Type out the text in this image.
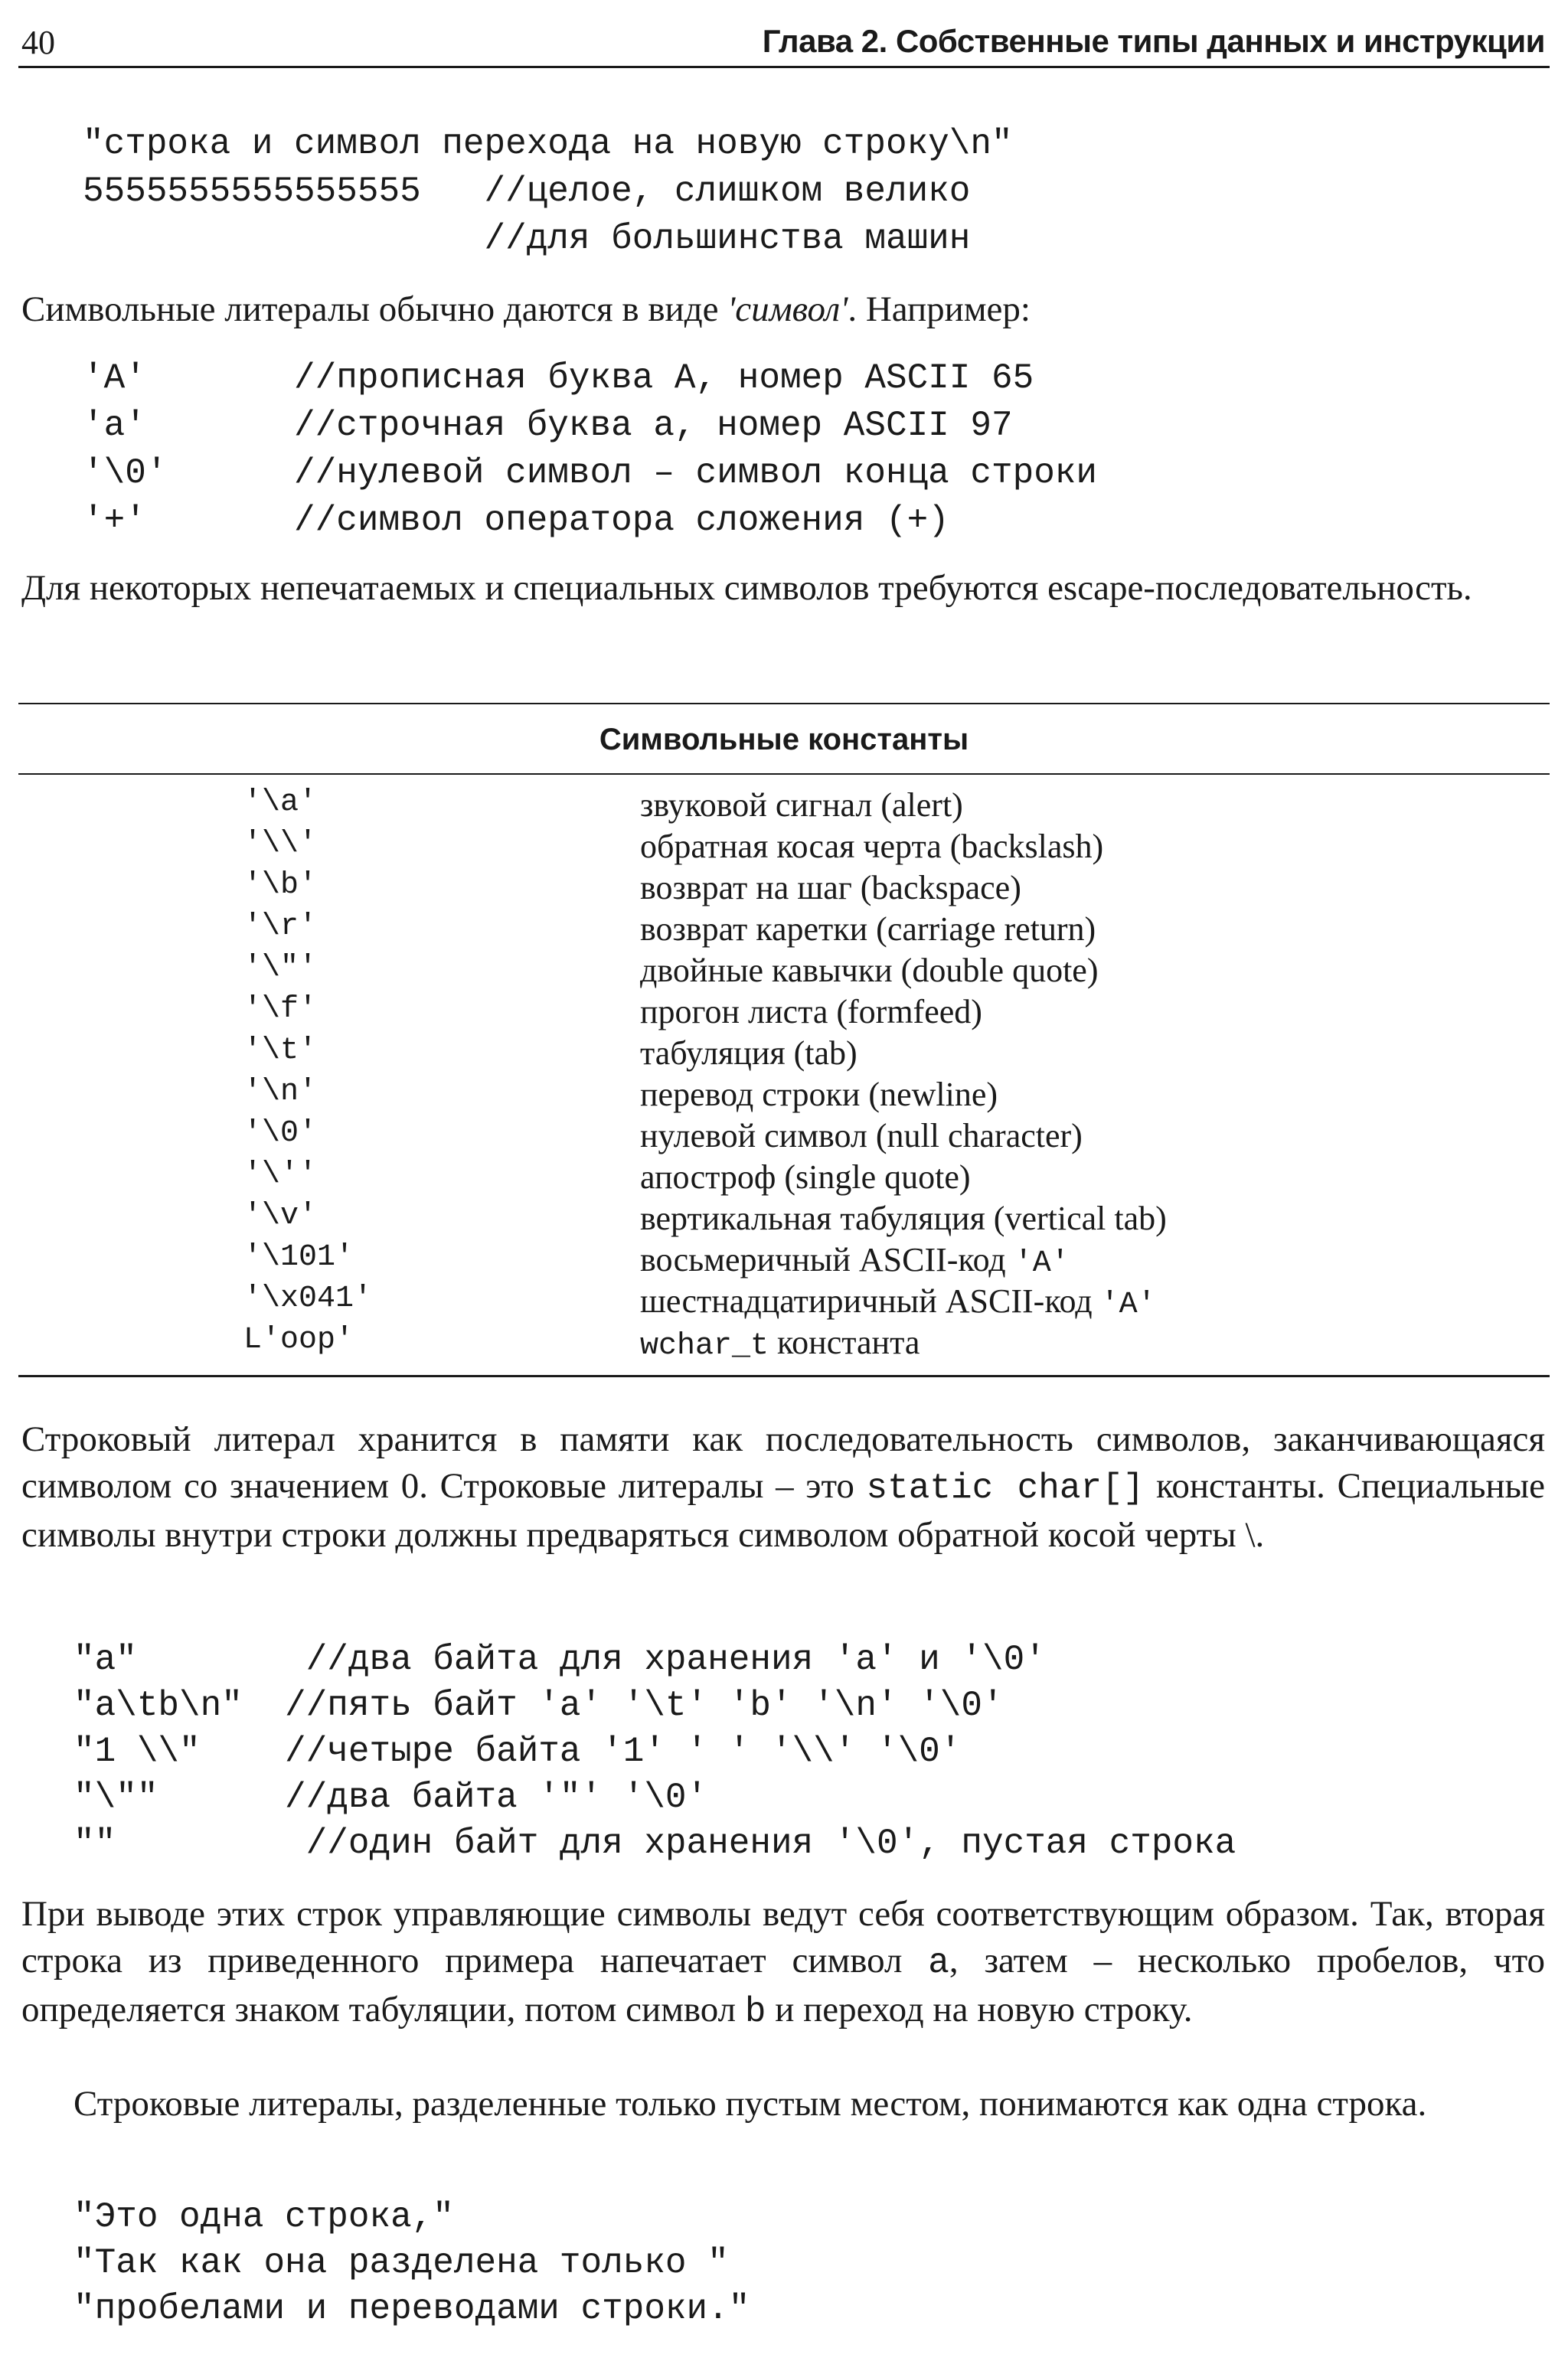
40	Глава 2. Собственные типы данных и инструкции
"строка и символ перехода на новую строку\n"
5555555555555555   //целое, слишком велико
//для большинства машин
Символьные литералы обычно даются в виде 'символ'. Например:
'A'       //прописная буква A, номер ASCII 65
'a'       //строчная буква a, номер ASCII 97
'\0'      //нулевой символ – символ конца строки
'+'       //символ оператора сложения (+)
Для некоторых непечатаемых и специальных символов требуются escape-последовательность.
Символьные константы
'\a'	звуковой сигнал (alert)
'\\'	обратная косая черта (backslash)
'\b'	возврат на шаг (backspace)
'\r'	возврат каретки (carriage return)
'\"'	двойные кавычки (double quote)
'\f'	прогон листа (formfeed)
'\t'	табуляция (tab)
'\n'	перевод строки (newline)
'\0'	нулевой символ (null character)
'\''	апостроф (single quote)
'\v'	вертикальная табуляция (vertical tab)
'\101'	восьмеричный ASCII-код 'A'
'\x041'	шестнадцатиричный ASCII-код 'A'
L'oop'	wchar_t константа
Строковый литерал хранится в памяти как последовательность символов, заканчивающаяся символом со значением 0. Строковые литералы – это static char[] константы. Специальные символы внутри строки должны предваряться символом обратной косой черты \.
"a"        //два байта для хранения 'a' и '\0'
"a\tb\n"  //пять байт 'a' '\t' 'b' '\n' '\0'
"1 \\"    //четыре байта '1' ' ' '\\' '\0'
"\""      //два байта '"' '\0'
""         //один байт для хранения '\0', пустая строка
При выводе этих строк управляющие символы ведут себя соответствующим образом. Так, вторая строка из приведенного примера напечатает символ a, затем – несколько пробелов, что определяется знаком табуляции, потом символ b и переход на новую строку.
Строковые литералы, разделенные только пустым местом, понимаются как одна строка.
"Это одна строка,"
"Так как она разделена только "
"пробелами и переводами строки."
